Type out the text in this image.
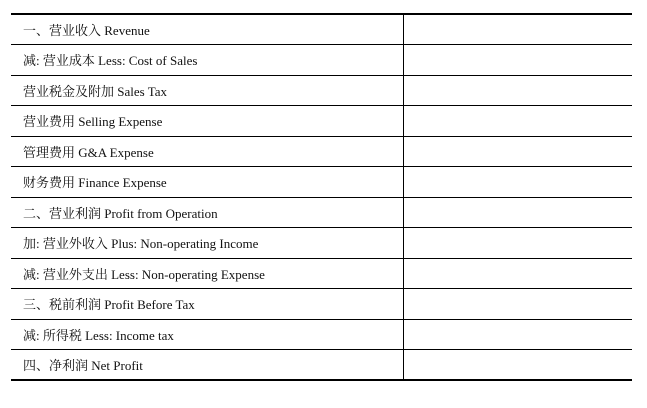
一、营业收入 Revenue	
减: 营业成本 Less: Cost of Sales	
营业税金及附加 Sales Tax	
营业费用 Selling Expense	
管理费用 G&A Expense	
财务费用 Finance Expense	
二、营业利润 Profit from Operation	
加: 营业外收入 Plus: Non-operating Income	
减: 营业外支出 Less: Non-operating Expense	
三、税前利润 Profit Before Tax	
减: 所得税 Less: Income tax	
四、净利润 Net Profit	
